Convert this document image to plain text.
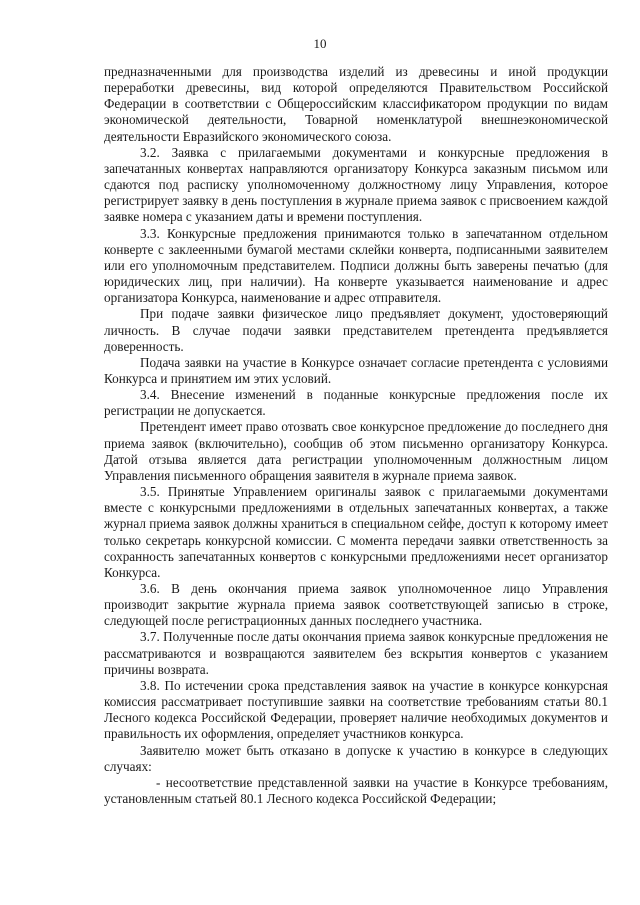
10

предназначенными для производства изделий из древесины и иной продукции переработки древесины, вид которой определяются Правительством Российской Федерации в соответствии с Общероссийским классификатором продукции по видам экономической деятельности, Товарной номенклатурой внешнеэкономической деятельности Евразийского экономического союза.

3.2. Заявка с прилагаемыми документами и конкурсные предложения в запечатанных конвертах направляются организатору Конкурса заказным письмом или сдаются под расписку уполномоченному должностному лицу Управления, которое регистрирует заявку в день поступления в журнале приема заявок с присвоением каждой заявке номера с указанием даты и времени поступления.

3.3. Конкурсные предложения принимаются только в запечатанном отдельном конверте с заклеенными бумагой местами склейки конверта, подписанными заявителем или его уполномочным представителем. Подписи должны быть заверены печатью (для юридических лиц, при наличии). На конверте указывается наименование и адрес организатора Конкурса, наименование и адрес отправителя.

При подаче заявки физическое лицо предъявляет документ, удостоверяющий личность. В случае подачи заявки представителем претендента предъявляется доверенность.

Подача заявки на участие в Конкурсе означает согласие претендента с условиями Конкурса и принятием им этих условий.

3.4. Внесение изменений в поданные конкурсные предложения после их регистрации не допускается.

Претендент имеет право отозвать свое конкурсное предложение до последнего дня приема заявок (включительно), сообщив об этом письменно организатору Конкурса. Датой отзыва является дата регистрации уполномоченным должностным лицом Управления письменного обращения заявителя в журнале приема заявок.

3.5. Принятые Управлением оригиналы заявок с прилагаемыми документами вместе с конкурсными предложениями в отдельных запечатанных конвертах, а также журнал приема заявок должны храниться в специальном сейфе, доступ к которому имеет только секретарь конкурсной комиссии. С момента передачи заявки ответственность за сохранность запечатанных конвертов с конкурсными предложениями несет организатор Конкурса.

3.6. В день окончания приема заявок уполномоченное лицо Управления производит закрытие журнала приема заявок соответствующей записью в строке, следующей после регистрационных данных последнего участника.

3.7. Полученные после даты окончания приема заявок конкурсные предложения не рассматриваются и возвращаются заявителем без вскрытия конвертов с указанием причины возврата.

3.8. По истечении срока представления заявок на участие в конкурсе конкурсная комиссия рассматривает поступившие заявки на соответствие требованиям статьи 80.1 Лесного кодекса Российской Федерации, проверяет наличие необходимых документов и правильность их оформления, определяет участников конкурса.

Заявителю может быть отказано в допуске к участию в конкурсе в следующих случаях:

- несоответствие представленной заявки на участие в Конкурсе требованиям, установленным статьей 80.1 Лесного кодекса Российской Федерации;
